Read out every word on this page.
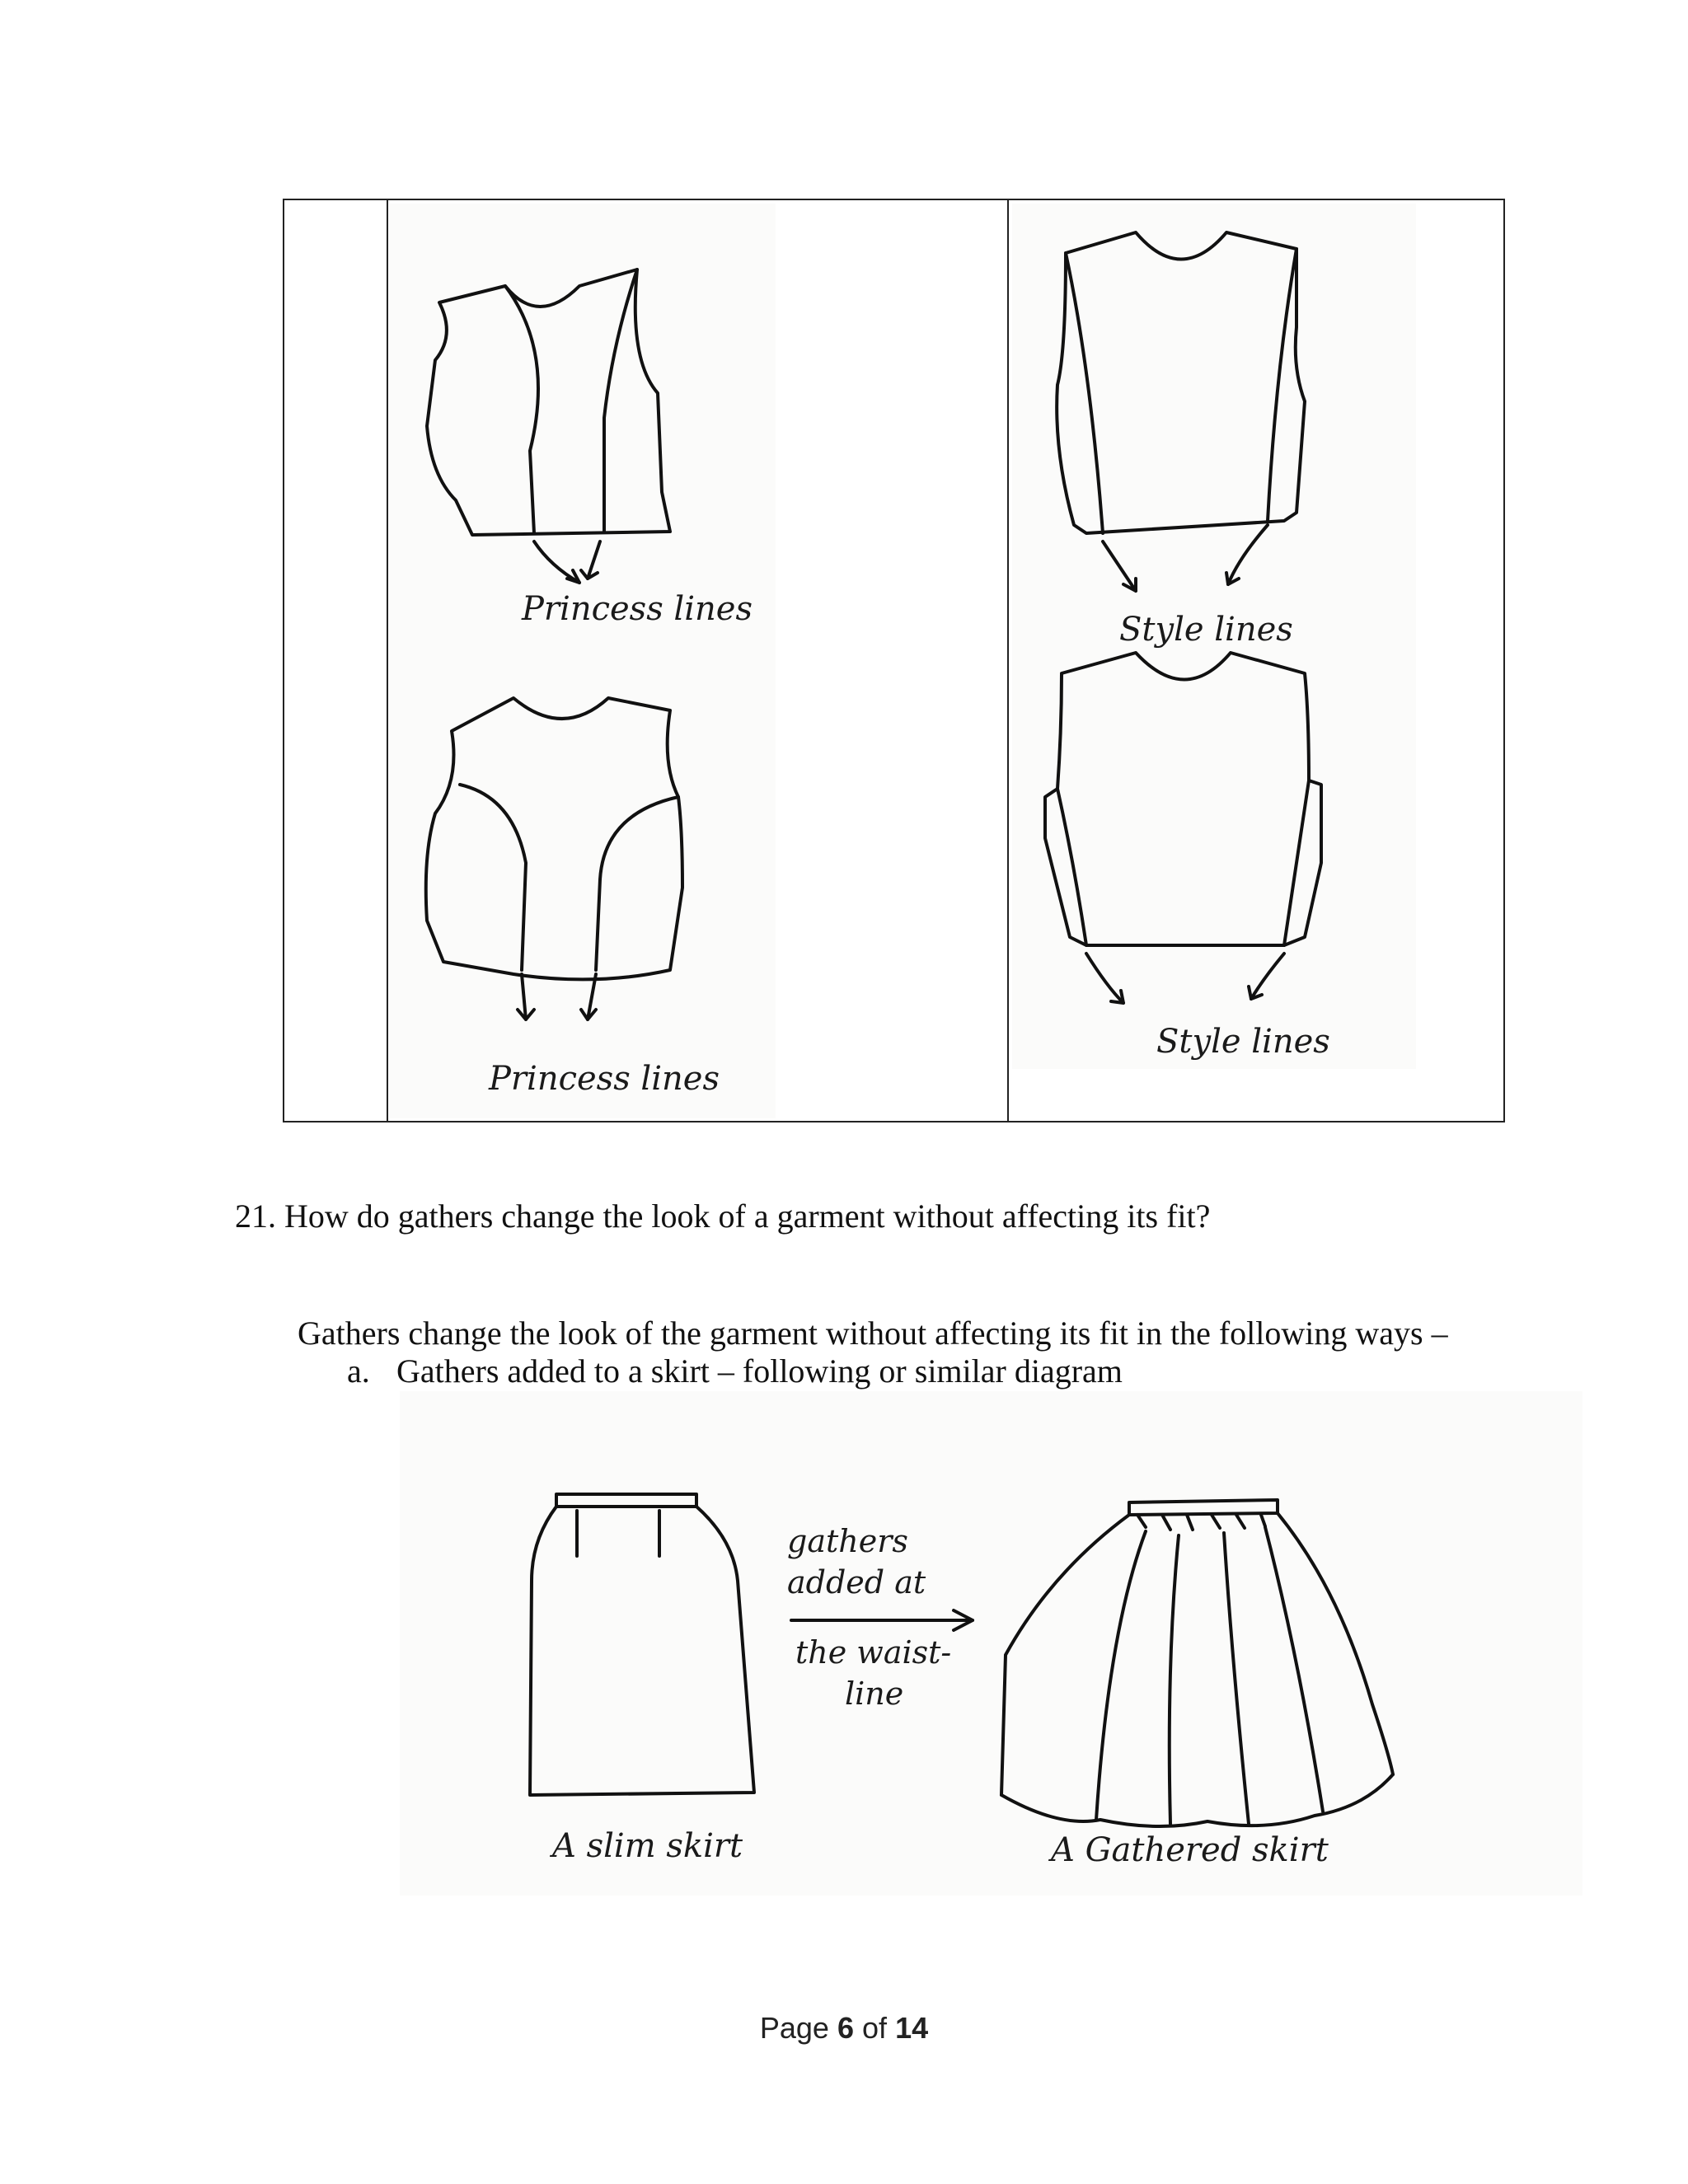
Princess lines
Princess lines
Style lines
Style lines
21. How do gathers change the look of a garment without affecting its fit?
Gathers change the look of the garment without affecting its fit in the following ways –
a. Gathers added to a skirt – following or similar diagram
A slim skirt
gathers
added at
the waist-
line
A Gathered skirt
Page 6 of 14
